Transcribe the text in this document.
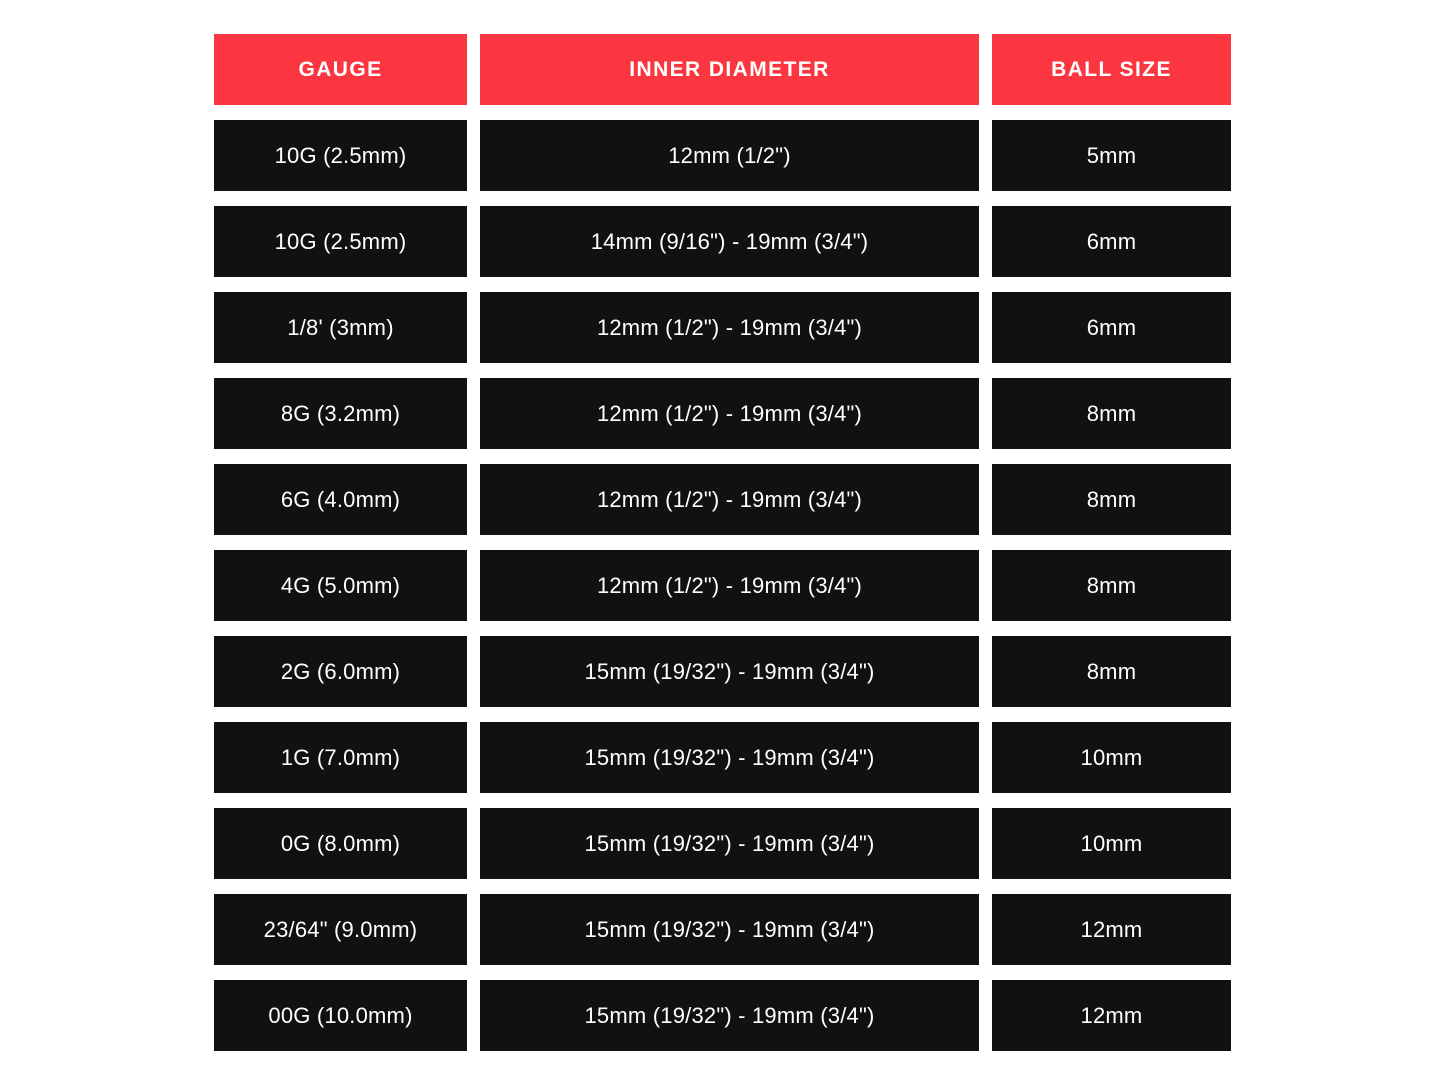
GAUGE	INNER DIAMETER	BALL SIZE
10G (2.5mm)	12mm (1/2")	5mm
10G (2.5mm)	14mm (9/16") - 19mm (3/4")	6mm
1/8' (3mm)	12mm (1/2") - 19mm (3/4")	6mm
8G (3.2mm)	12mm (1/2") - 19mm (3/4")	8mm
6G (4.0mm)	12mm (1/2") - 19mm (3/4")	8mm
4G (5.0mm)	12mm (1/2") - 19mm (3/4")	8mm
2G (6.0mm)	15mm (19/32") - 19mm (3/4")	8mm
1G (7.0mm)	15mm (19/32") - 19mm (3/4")	10mm
0G (8.0mm)	15mm (19/32") - 19mm (3/4")	10mm
23/64" (9.0mm)	15mm (19/32") - 19mm (3/4")	12mm
00G (10.0mm)	15mm (19/32") - 19mm (3/4")	12mm
